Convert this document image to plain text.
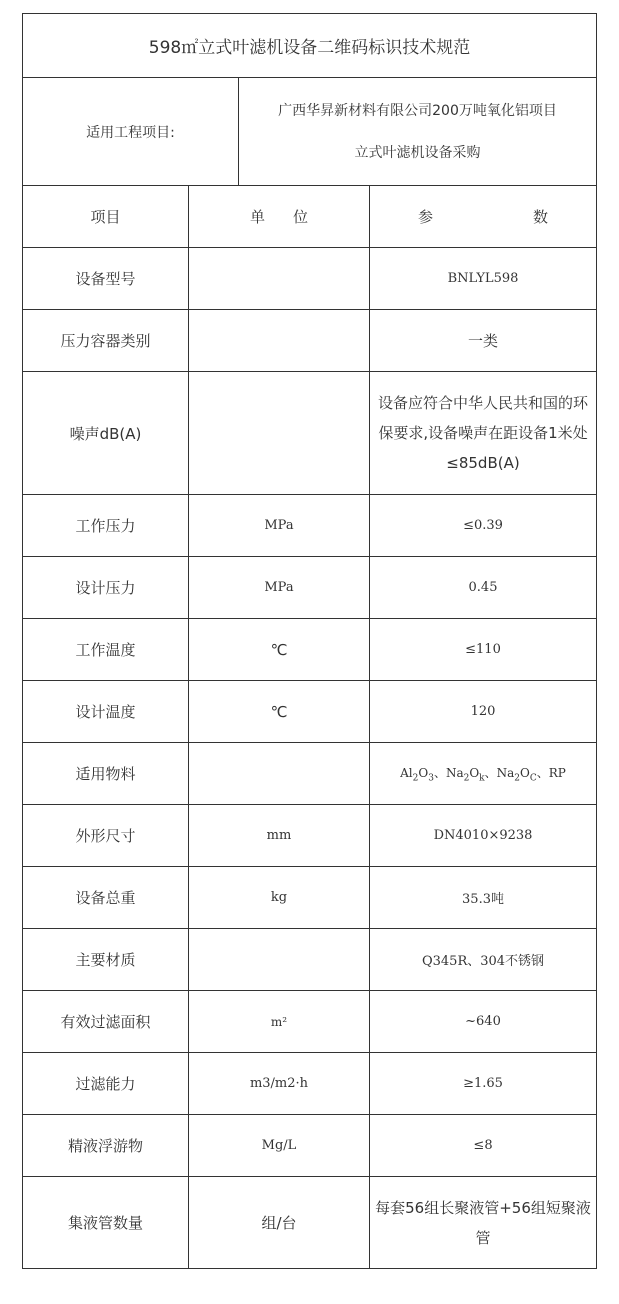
598㎡立式叶滤机设备二维码标识技术规范			
适用工程项目:		广西华昇新材料有限公司200万吨氧化铝项目
立式叶滤机设备采购	

项目	单 位		参 数
设备型号			BNLYL598
压力容器类别			一类
噪声dB(A)			设备应符合中华人民共和国的环保要求,设备噪声在距设备1米处≤85dB(A)
工作压力	MPa		≤0.39
设计压力	MPa		0.45
工作温度	℃		≤110
设计温度	℃		120
适用物料			$Al_2O_3$、$Na_2O_k$、$Na_2O_C$、RP
外形尺寸	mm		DN4010×9238
设备总重	kg		35.3吨
主要材质			Q345R、304不锈钢
有效过滤面积	m²		~640
过滤能力	m3/m2·h		≥1.65
精液浮游物	Mg/L		≤8
集液管数量	组/台		每套56组长聚液管+56组短聚液管
